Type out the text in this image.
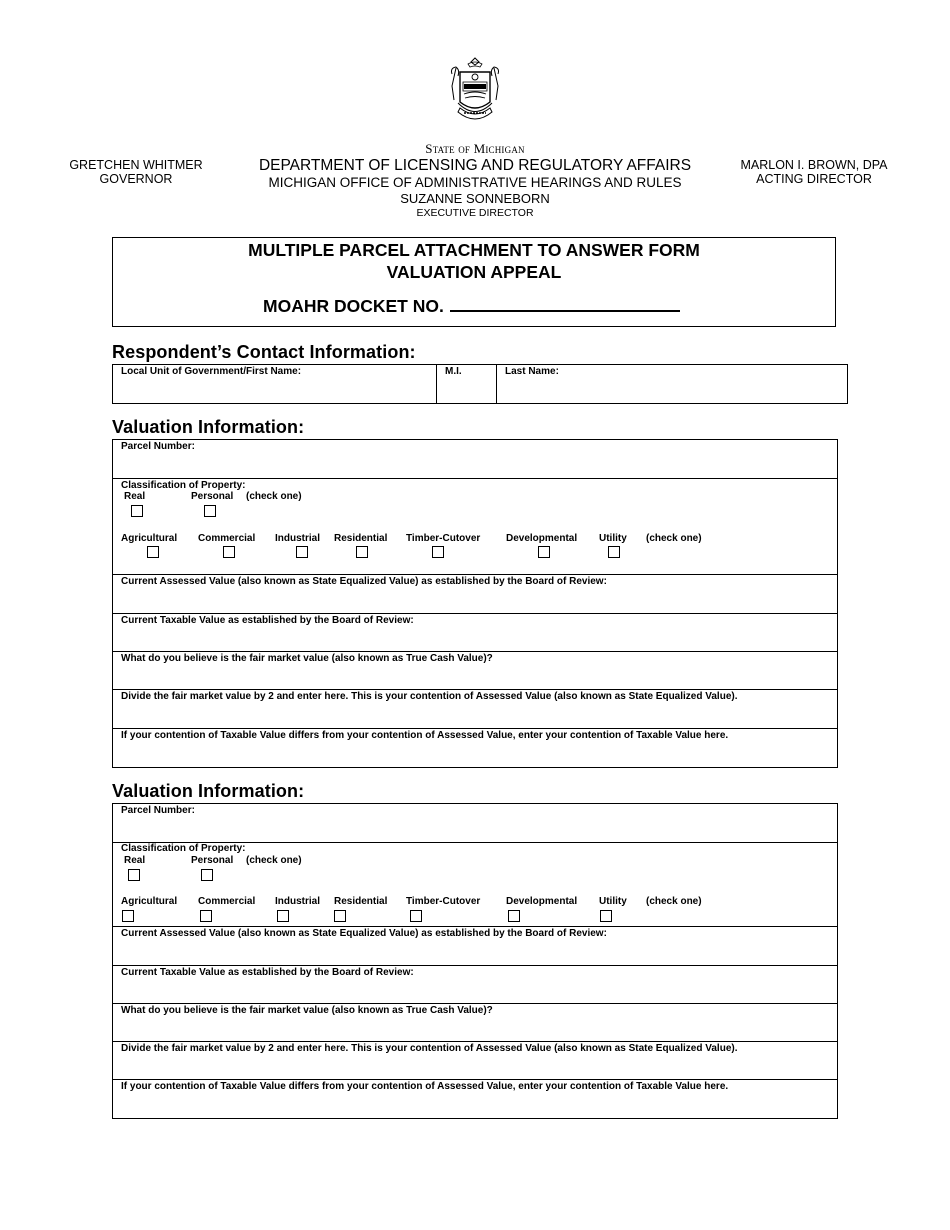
GRETCHEN WHITMER
GOVERNOR
State of Michigan
DEPARTMENT OF LICENSING AND REGULATORY AFFAIRS
MICHIGAN OFFICE OF ADMINISTRATIVE HEARINGS AND RULES
SUZANNE SONNEBORN
EXECUTIVE DIRECTOR
MARLON I. BROWN, DPA
ACTING DIRECTOR
MULTIPLE PARCEL ATTACHMENT TO ANSWER FORM
VALUATION APPEAL
MOAHR DOCKET NO.
Respondent’s Contact Information:
Local Unit of Government/First Name:	M.I.	Last Name:
Valuation Information:
Parcel Number:
Classification of Property:
Real	Personal (check one)
Agricultural Commercial Industrial Residential Timber-Cutover	Developmental Utility (check one)
Current Assessed Value (also known as State Equalized Value) as established by the Board of Review:
Current Taxable Value as established by the Board of Review:
What do you believe is the fair market value (also known as True Cash Value)?
Divide the fair market value by 2 and enter here. This is your contention of Assessed Value (also known as State Equalized Value).
If your contention of Taxable Value differs from your contention of Assessed Value, enter your contention of Taxable Value here.
Valuation Information:
Parcel Number:
Classification of Property:
Real	Personal (check one)
Agricultural Commercial Industrial Residential Timber-Cutover	Developmental Utility (check one)
Current Assessed Value (also known as State Equalized Value) as established by the Board of Review:
Current Taxable Value as established by the Board of Review:
What do you believe is the fair market value (also known as True Cash Value)?
Divide the fair market value by 2 and enter here. This is your contention of Assessed Value (also known as State Equalized Value).
If your contention of Taxable Value differs from your contention of Assessed Value, enter your contention of Taxable Value here.
